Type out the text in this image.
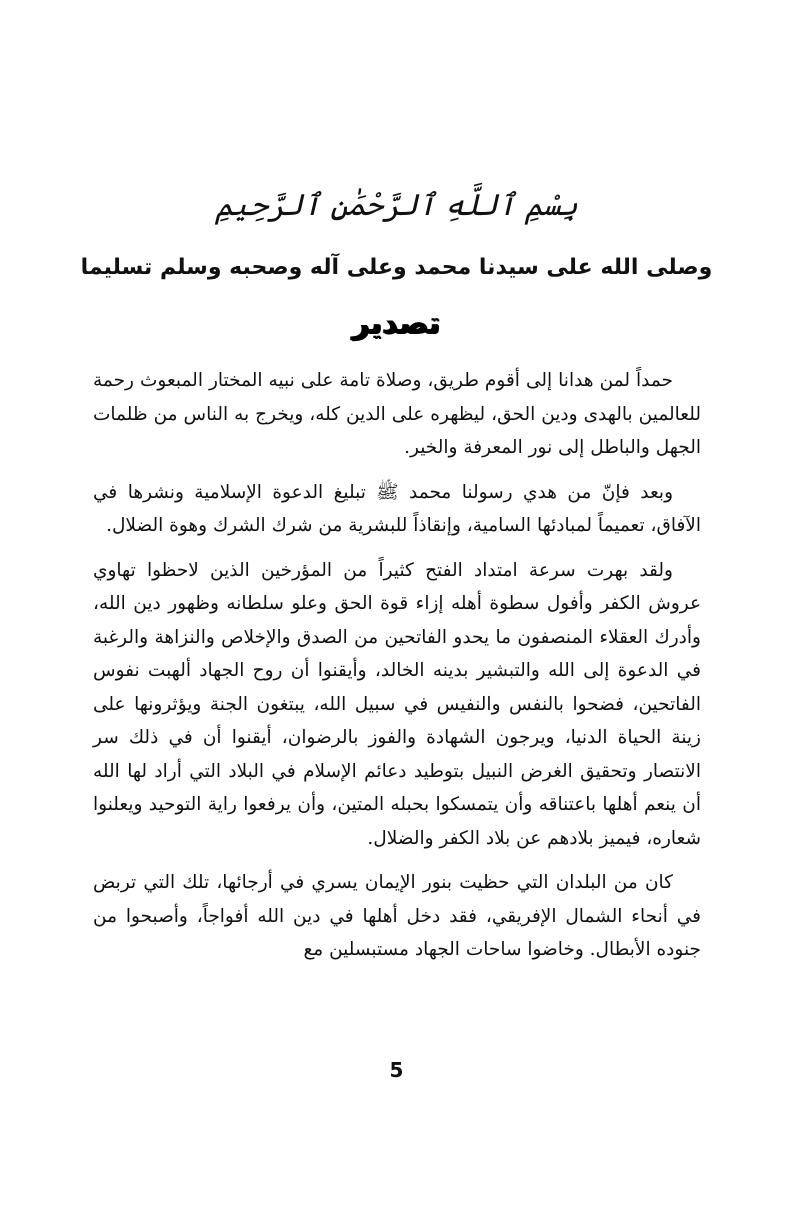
بِسْمِ ٱللَّهِ ٱلرَّحْمَٰنِ ٱلرَّحِيمِ
وصلى الله على سيدنا محمد وعلى آله وصحبه وسلم تسليما
تصدير

حمداً لمن هدانا إلى أقوم طريق، وصلاة تامة على نبيه المختار المبعوث رحمة للعالمين بالهدى ودين الحق، ليظهره على الدين كله، ويخرج به الناس من ظلمات الجهل والباطل إلى نور المعرفة والخير.

وبعد فإنّ من هدي رسولنا محمد ﷺ تبليغ الدعوة الإسلامية ونشرها في الآفاق، تعميماً لمبادئها السامية، وإنقاذاً للبشرية من شرك الشرك وهوة الضلال.

ولقد بهرت سرعة امتداد الفتح كثيراً من المؤرخين الذين لاحظوا تهاوي عروش الكفر وأفول سطوة أهله إزاء قوة الحق وعلو سلطانه وظهور دين الله، وأدرك العقلاء المنصفون ما يحدو الفاتحين من الصدق والإخلاص والنزاهة والرغبة في الدعوة إلى الله والتبشير بدينه الخالد، وأيقنوا أن روح الجهاد ألهبت نفوس الفاتحين، فضحوا بالنفس والنفيس في سبيل الله، يبتغون الجنة ويؤثرونها على زينة الحياة الدنيا، ويرجون الشهادة والفوز بالرضوان، أيقنوا أن في ذلك سر الانتصار وتحقيق الغرض النبيل بتوطيد دعائم الإسلام في البلاد التي أراد لها الله أن ينعم أهلها باعتناقه وأن يتمسكوا بحبله المتين، وأن يرفعوا راية التوحيد ويعلنوا شعاره، فيميز بلادهم عن بلاد الكفر والضلال.

كان من البلدان التي حظيت بنور الإيمان يسري في أرجائها، تلك التي تربض في أنحاء الشمال الإفريقي، فقد دخل أهلها في دين الله أفواجاً، وأصبحوا من جنوده الأبطال. وخاضوا ساحات الجهاد مستبسلين مع

5
